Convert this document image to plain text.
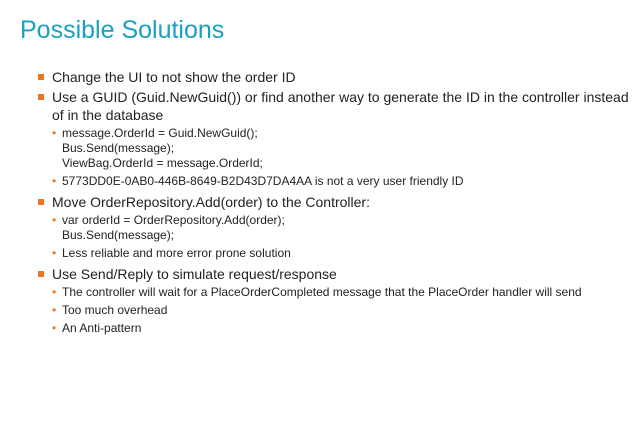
Possible Solutions
Change the UI to not show the order ID
Use a GUID (Guid.NewGuid()) or find another way to generate the ID in the controller instead of in the database
• message.OrderId = Guid.NewGuid();
Bus.Send(message);
ViewBag.OrderId = message.OrderId;
• 5773DD0E-0AB0-446B-8649-B2D43D7DA4AA is not a very user friendly ID
Move OrderRepository.Add(order) to the Controller:
• var orderId = OrderRepository.Add(order);
Bus.Send(message);
• Less reliable and more error prone solution
Use Send/Reply to simulate request/response
• The controller will wait for a PlaceOrderCompleted message that the PlaceOrder handler will send
• Too much overhead
• An Anti-pattern
